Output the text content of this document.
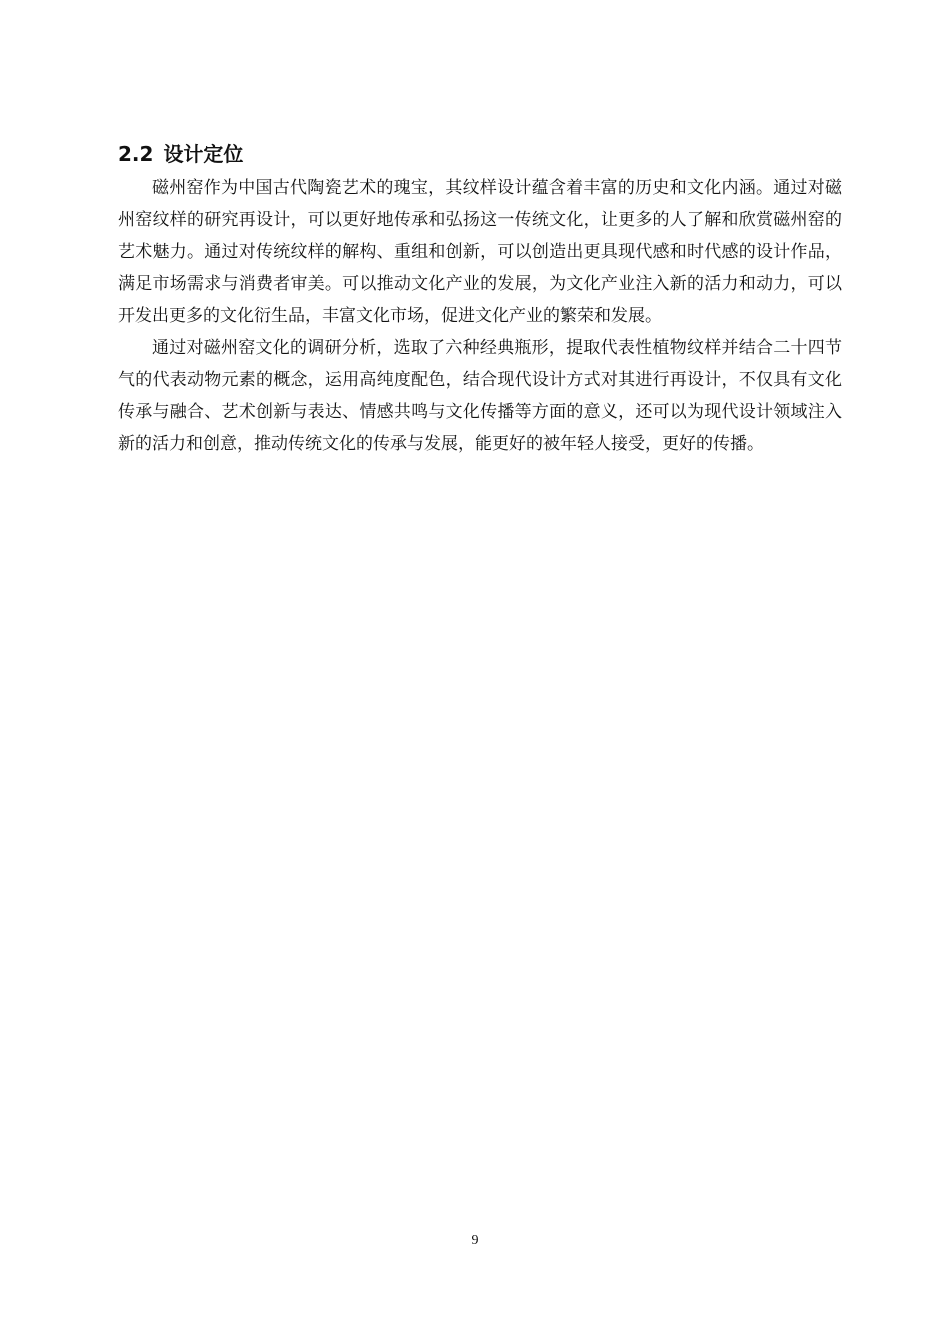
2.2 设计定位

磁州窑作为中国古代陶瓷艺术的瑰宝，其纹样设计蕴含着丰富的历史和文化内涵。通过对磁州窑纹样的研究再设计，可以更好地传承和弘扬这一传统文化，让更多的人了解和欣赏磁州窑的艺术魅力。通过对传统纹样的解构、重组和创新，可以创造出更具现代感和时代感的设计作品，满足市场需求与消费者审美。可以推动文化产业的发展，为文化产业注入新的活力和动力，可以开发出更多的文化衍生品，丰富文化市场，促进文化产业的繁荣和发展。

通过对磁州窑文化的调研分析，选取了六种经典瓶形，提取代表性植物纹样并结合二十四节气的代表动物元素的概念，运用高纯度配色，结合现代设计方式对其进行再设计，不仅具有文化传承与融合、艺术创新与表达、情感共鸣与文化传播等方面的意义，还可以为现代设计领域注入新的活力和创意，推动传统文化的传承与发展，能更好的被年轻人接受，更好的传播。

9
